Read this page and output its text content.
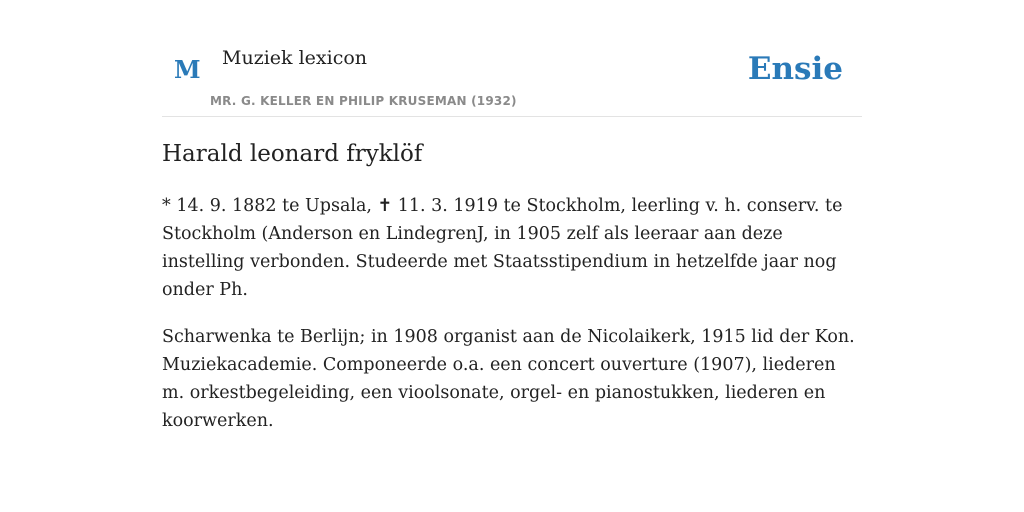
M Muziek lexicon
MR. G. KELLER EN PHILIP KRUSEMAN (1932)
Ensie
Harald leonard fryklöf

* 14. 9. 1882 te Upsala, ✝ 11. 3. 1919 te Stockholm, leerling v. h. conserv. te Stockholm (Anderson en LindegrenJ, in 1905 zelf als leeraar aan deze instelling verbonden. Studeerde met Staatsstipendium in hetzelfde jaar nog onder Ph.

Scharwenka te Berlijn; in 1908 organist aan de Nicolaikerk, 1915 lid der Kon. Muziekacademie. Componeerde o.a. een concert ouverture (1907), liederen m. orkestbegeleiding, een vioolsonate, orgel- en pianostukken, liederen en koorwerken.
